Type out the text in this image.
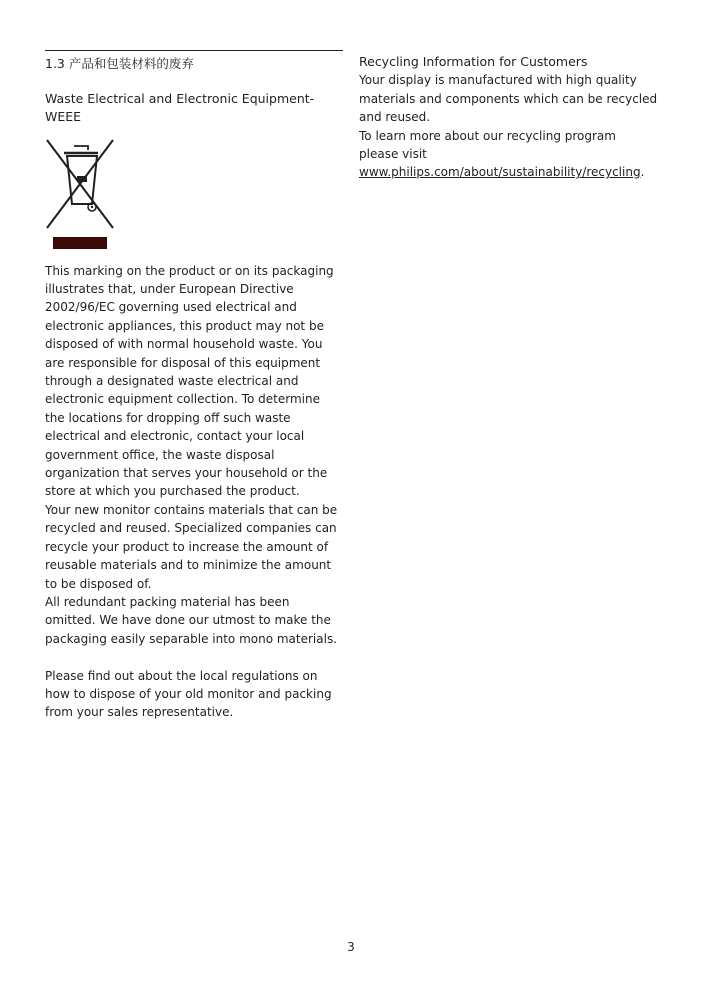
1.3 产品和包装材料的废弃
Waste Electrical and Electronic Equipment-WEEE

This marking on the product or on its packaging illustrates that, under European Directive 2002/96/EC governing used electrical and electronic appliances, this product may not be disposed of with normal household waste. You are responsible for disposal of this equipment through a designated waste electrical and electronic equipment collection. To determine the locations for dropping off such waste electrical and electronic, contact your local government office, the waste disposal organization that serves your household or the store at which you purchased the product.

Your new monitor contains materials that can be recycled and reused. Specialized companies can recycle your product to increase the amount of reusable materials and to minimize the amount to be disposed of.

All redundant packing material has been omitted. We have done our utmost to make the packaging easily separable into mono materials.

Please find out about the local regulations on how to dispose of your old monitor and packing from your sales representative.

Recycling Information for Customers
Your display is manufactured with high quality materials and components which can be recycled and reused.
To learn more about our recycling program please visit www.philips.com/about/sustainability/recycling.
3
